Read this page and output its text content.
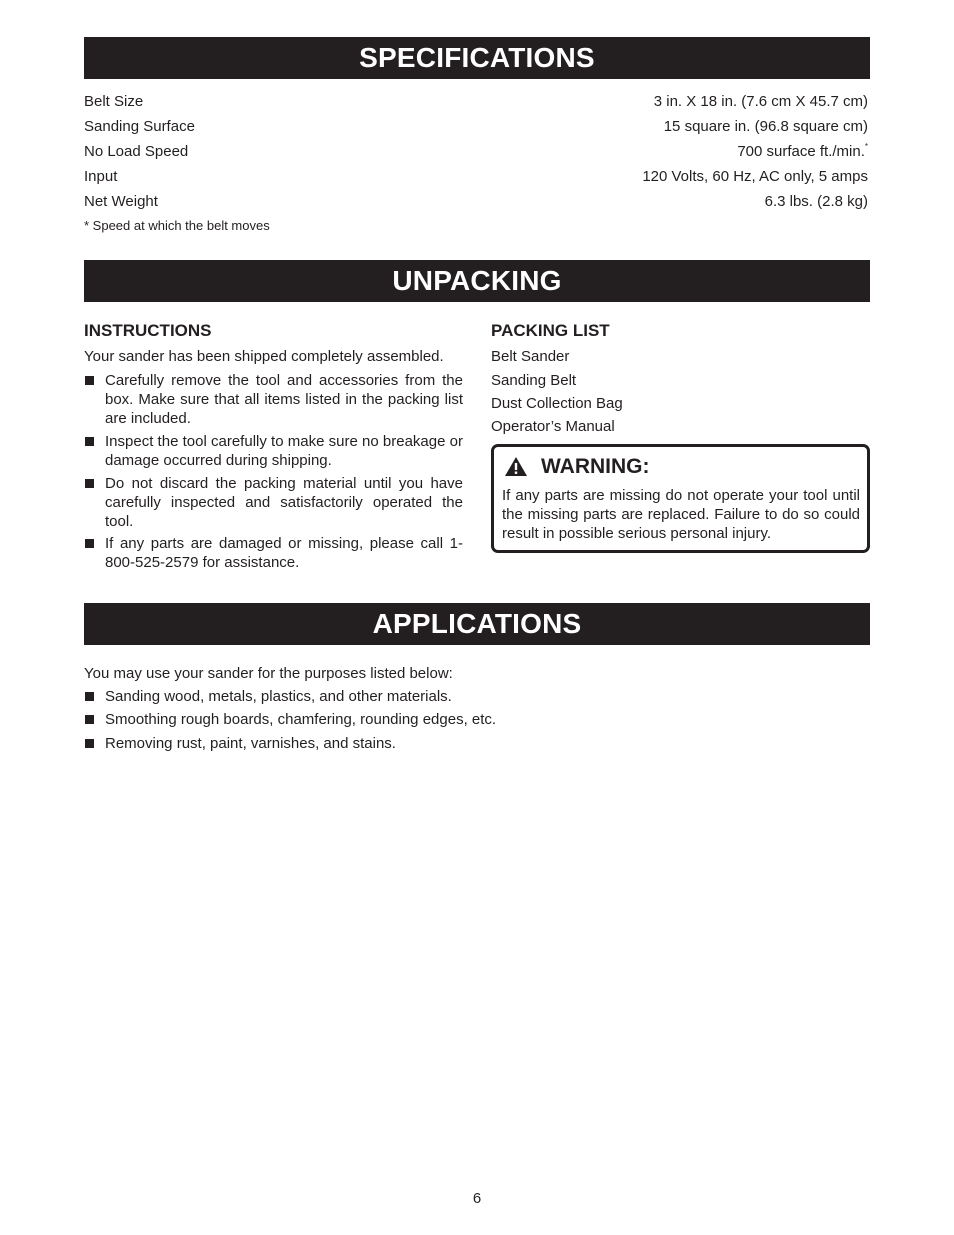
SPECIFICATIONS
Belt Size	3 in. X 18 in. (7.6 cm X 45.7 cm)
Sanding Surface	15 square in. (96.8 square cm)
No Load Speed	700 surface ft./min.*
Input	120 Volts, 60 Hz, AC only, 5 amps
Net Weight	6.3 lbs. (2.8 kg)
* Speed at which the belt moves
UNPACKING
INSTRUCTIONS
Your sander has been shipped completely assembled.
Carefully remove the tool and accessories from the box. Make sure that all items listed in the packing list are included.
Inspect the tool carefully to make sure no breakage or damage occurred during shipping.
Do not discard the packing material until you have carefully inspected and satisfactorily operated the tool.
If any parts are damaged or missing, please call 1-800-525-2579 for assistance.
PACKING LIST
Belt Sander
Sanding Belt
Dust Collection Bag
Operator’s Manual
WARNING:
If any parts are missing do not operate your tool until the missing parts are replaced. Failure to do so could result in possible serious personal injury.
APPLICATIONS
You may use your sander for the purposes listed below:
Sanding wood, metals, plastics, and other materials.
Smoothing rough boards, chamfering, rounding edges, etc.
Removing rust, paint, varnishes, and stains.
6
